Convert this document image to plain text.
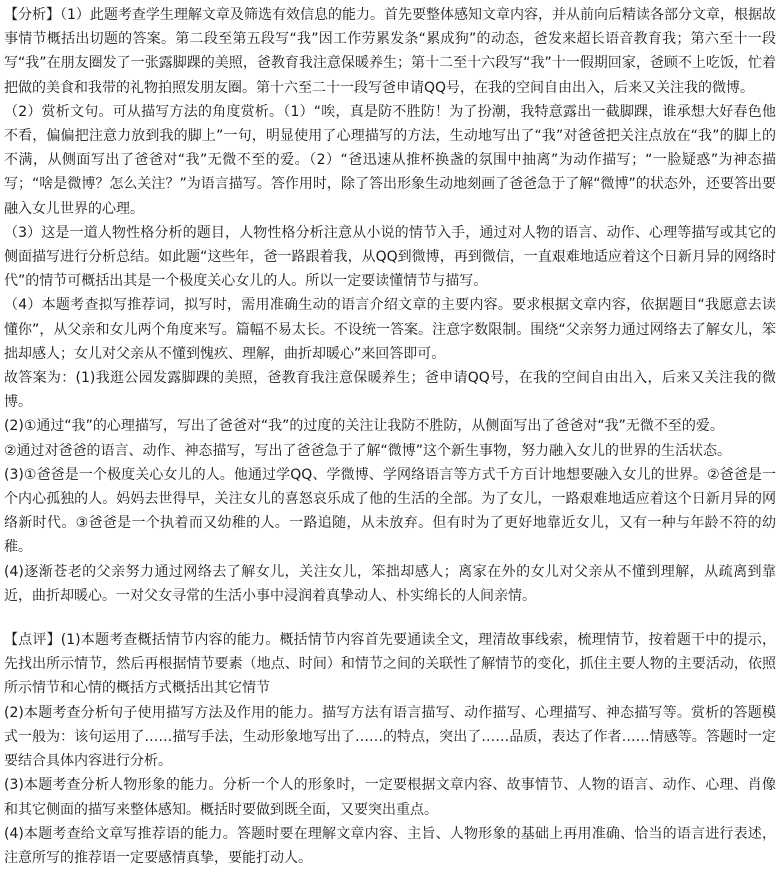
【分析】（1）此题考查学生理解文章及筛选有效信息的能力。首先要整体感知文章内容，并从前向后精读各部分文章，根据故事情节概括出切题的答案。第二段至第五段写“我”因工作劳累发条“累成狗”的动态，爸发来超长语音教育我；第六至十一段写“我”在朋友圈发了一张露脚踝的美照，爸教育我注意保暖养生；第十二至十六段写“我”十一假期回家，爸顾不上吃饭，忙着把做的美食和我带的礼物拍照发朋友圈。第十六至二十一段写爸申请QQ号，在我的空间自由出入，后来又关注我的微博。

（2）赏析文句。可从描写方法的角度赏析。（1）“唉，真是防不胜防！为了扮潮，我特意露出一截脚踝，谁承想大好春色他不看，偏偏把注意力放到我的脚上”一句，明显使用了心理描写的方法，生动地写出了“我”对爸爸把关注点放在“我”的脚上的不满，从侧面写出了爸爸对“我”无微不至的爱。（2）“爸迅速从推杯换盏的氛围中抽离”为动作描写；“一脸疑惑”为神态描写；“啥是微博？怎么关注？”为语言描写。答作用时，除了答出形象生动地刻画了爸爸急于了解“微博”的状态外，还要答出要融入女儿世界的心理。

（3）这是一道人物性格分析的题目，人物性格分析注意从小说的情节入手，通过对人物的语言、动作、心理等描写或其它的侧面描写进行分析总结。如此题“这些年，爸一路跟着我，从QQ到微博，再到微信，一直艰难地适应着这个日新月异的网络时代”的情节可概括出其是一个极度关心女儿的人。所以一定要读懂情节与描写。

（4）本题考查拟写推荐词，拟写时，需用准确生动的语言介绍文章的主要内容。要求根据文章内容，依据题目“我愿意去读懂你”，从父亲和女儿两个角度来写。篇幅不易太长。不设统一答案。注意字数限制。围绕“父亲努力通过网络去了解女儿，笨拙却感人；女儿对父亲从不懂到愧疚、理解，曲折却暖心”来回答即可。

故答案为：(1)我逛公园发露脚踝的美照，爸教育我注意保暖养生；爸申请QQ号，在我的空间自由出入，后来又关注我的微博。

(2)①通过“我”的心理描写，写出了爸爸对“我”的过度的关注让我防不胜防，从侧面写出了爸爸对“我”无微不至的爱。

②通过对爸爸的语言、动作、神态描写，写出了爸爸急于了解“微博”这个新生事物，努力融入女儿的世界的生活状态。

(3)①爸爸是一个极度关心女儿的人。他通过学QQ、学微博、学网络语言等方式千方百计地想要融入女儿的世界。②爸爸是一个内心孤独的人。妈妈去世得早，关注女儿的喜怒哀乐成了他的生活的全部。为了女儿，一路艰难地适应着这个日新月异的网络新时代。③爸爸是一个执着而又幼稚的人。一路追随，从未放弃。但有时为了更好地靠近女儿，又有一种与年龄不符的幼稚。

(4)逐渐苍老的父亲努力通过网络去了解女儿，关注女儿，笨拙却感人；离家在外的女儿对父亲从不懂到理解，从疏离到靠近，曲折却暖心。一对父女寻常的生活小事中浸润着真挚动人、朴实绵长的人间亲情。

【点评】(1)本题考查概括情节内容的能力。概括情节内容首先要通读全文，理清故事线索，梳理情节，按着题干中的提示，先找出所示情节，然后再根据情节要素（地点、时间）和情节之间的关联性了解情节的变化，抓住主要人物的主要活动，依照所示情节和心情的概括方式概括出其它情节

(2)本题考查分析句子使用描写方法及作用的能力。描写方法有语言描写、动作描写、心理描写、神态描写等。赏析的答题模式一般为：该句运用了……描写手法，生动形象地写出了……的特点，突出了……品质，表达了作者……情感等。答题时一定要结合具体内容进行分析。

(3)本题考查分析人物形象的能力。分析一个人的形象时，一定要根据文章内容、故事情节、人物的语言、动作、心理、肖像和其它侧面的描写来整体感知。概括时要做到既全面，又要突出重点。

(4)本题考查给文章写推荐语的能力。答题时要在理解文章内容、主旨、人物形象的基础上再用准确、恰当的语言进行表述，注意所写的推荐语一定要感情真挚，要能打动人。
